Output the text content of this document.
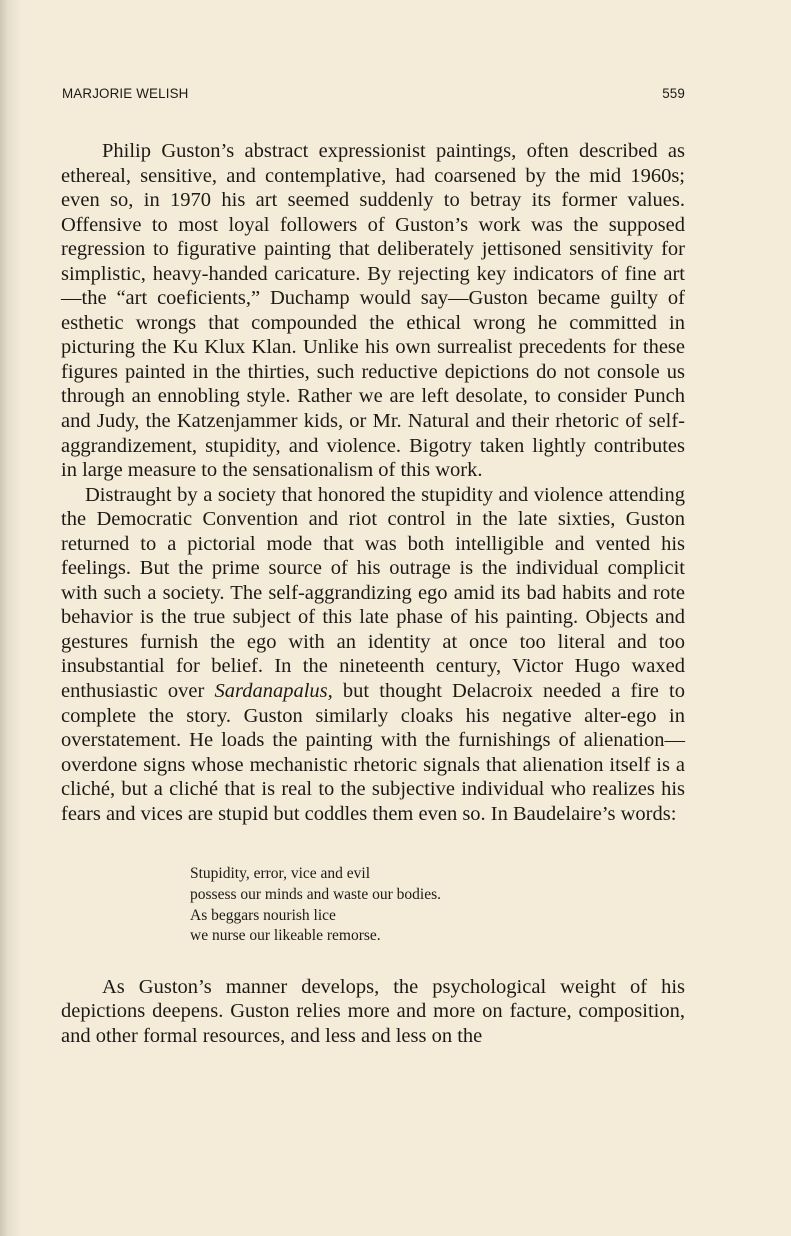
MARJORIE WELISH	559

Philip Guston’s abstract expressionist paintings, often described as ethereal, sensitive, and contemplative, had coarsened by the mid 1960s; even so, in 1970 his art seemed suddenly to betray its former values. Offensive to most loyal followers of Guston’s work was the supposed regression to figurative painting that deliberately jettisoned sensitivity for simplistic, heavy-handed caricature. By rejecting key indicators of fine art—the “art coeficients,” Duchamp would say—Guston became guilty of esthetic wrongs that compounded the ethical wrong he committed in picturing the Ku Klux Klan. Unlike his own surrealist precedents for these figures painted in the thirties, such reductive depictions do not console us through an ennobling style. Rather we are left desolate, to consider Punch and Judy, the Katzenjammer kids, or Mr. Natural and their rhetoric of self-aggrandizement, stupidity, and violence. Bigotry taken lightly contributes in large measure to the sensationalism of this work.

Distraught by a society that honored the stupidity and violence attending the Democratic Convention and riot control in the late sixties, Guston returned to a pictorial mode that was both intelligible and vented his feelings. But the prime source of his outrage is the individual complicit with such a society. The self-aggrandizing ego amid its bad habits and rote behavior is the true subject of this late phase of his painting. Objects and gestures furnish the ego with an identity at once too literal and too insubstantial for belief. In the nineteenth century, Victor Hugo waxed enthusiastic over Sardanapalus, but thought Delacroix needed a fire to complete the story. Guston similarly cloaks his negative alter-ego in overstatement. He loads the painting with the furnishings of alienation—overdone signs whose mechanistic rhetoric signals that alienation itself is a cliché, but a cliché that is real to the subjective individual who realizes his fears and vices are stupid but coddles them even so. In Baudelaire’s words:

Stupidity, error, vice and evil
possess our minds and waste our bodies.
As beggars nourish lice
we nurse our likeable remorse.

As Guston’s manner develops, the psychological weight of his depictions deepens. Guston relies more and more on facture, composition, and other formal resources, and less and less on the
